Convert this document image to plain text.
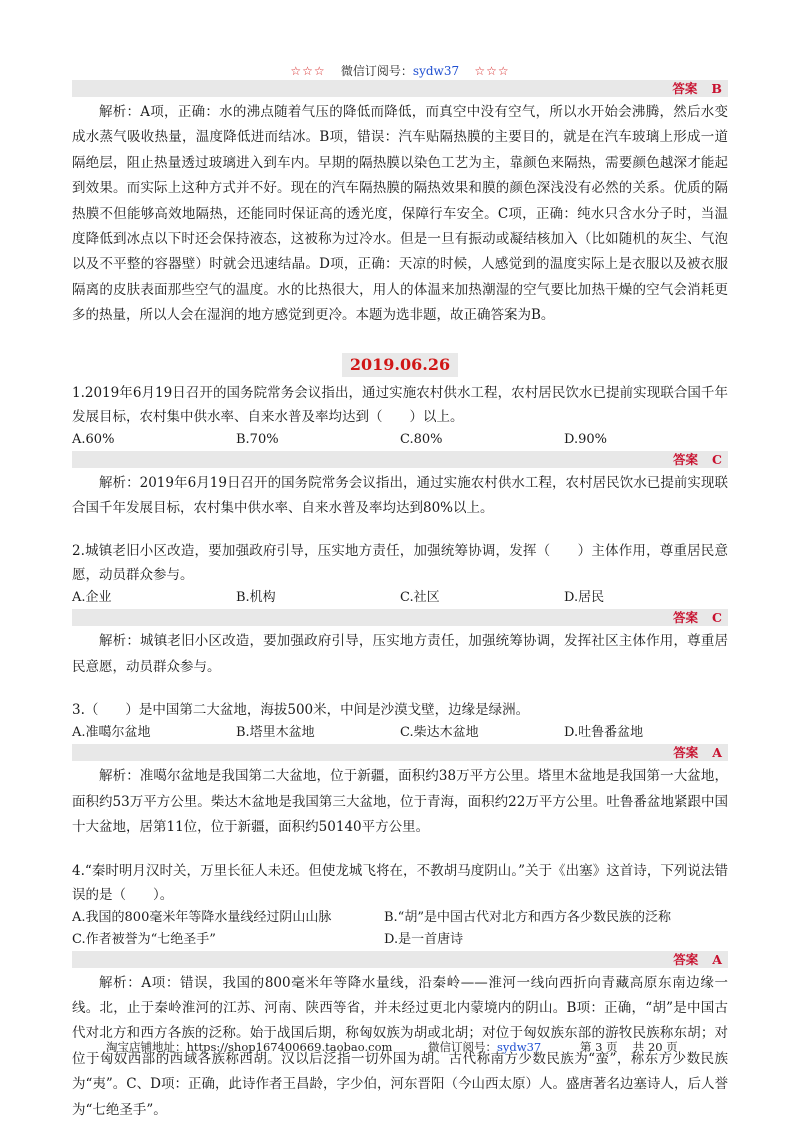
☆☆☆ 微信订阅号：sydw37 ☆☆☆
答案 B

解析：A项，正确：水的沸点随着气压的降低而降低，而真空中没有空气，所以水开始会沸腾，然后水变成水蒸气吸收热量，温度降低进而结冰。B项，错误：汽车贴隔热膜的主要目的，就是在汽车玻璃上形成一道隔绝层，阻止热量透过玻璃进入到车内。早期的隔热膜以染色工艺为主，靠颜色来隔热，需要颜色越深才能起到效果。而实际上这种方式并不好。现在的汽车隔热膜的隔热效果和膜的颜色深浅没有必然的关系。优质的隔热膜不但能够高效地隔热，还能同时保证高的透光度，保障行车安全。C项，正确：纯水只含水分子时，当温度降低到冰点以下时还会保持液态，这被称为过冷水。但是一旦有振动或凝结核加入（比如随机的灰尘、气泡以及不平整的容器壁）时就会迅速结晶。D项，正确：天凉的时候，人感觉到的温度实际上是衣服以及被衣服隔离的皮肤表面那些空气的温度。水的比热很大，用人的体温来加热潮湿的空气要比加热干燥的空气会消耗更多的热量，所以人会在湿润的地方感觉到更冷。本题为选非题，故正确答案为B。

2019.06.26

1.2019年6月19日召开的国务院常务会议指出，通过实施农村供水工程，农村居民饮水已提前实现联合国千年发展目标，农村集中供水率、自来水普及率均达到（　　）以上。

A.60%	B.70%	C.80%	D.90%
答案 C

解析：2019年6月19日召开的国务院常务会议指出，通过实施农村供水工程，农村居民饮水已提前实现联合国千年发展目标，农村集中供水率、自来水普及率均达到80%以上。

2.城镇老旧小区改造，要加强政府引导，压实地方责任，加强统筹协调，发挥（　　）主体作用，尊重居民意愿，动员群众参与。

A.企业	B.机构	C.社区	D.居民
答案 C

解析：城镇老旧小区改造，要加强政府引导，压实地方责任，加强统筹协调，发挥社区主体作用，尊重居民意愿，动员群众参与。

3.（　　）是中国第二大盆地，海拔500米，中间是沙漠戈壁，边缘是绿洲。

A.准噶尔盆地	B.塔里木盆地	C.柴达木盆地	D.吐鲁番盆地
答案 A

解析：准噶尔盆地是我国第二大盆地，位于新疆，面积约38万平方公里。塔里木盆地是我国第一大盆地，面积约53万平方公里。柴达木盆地是我国第三大盆地，位于青海，面积约22万平方公里。吐鲁番盆地紧跟中国十大盆地，居第11位，位于新疆，面积约50140平方公里。

4.“秦时明月汉时关，万里长征人未还。但使龙城飞将在，不教胡马度阴山。”关于《出塞》这首诗，下列说法错误的是（　　）。

A.我国的800毫米年等降水量线经过阴山山脉	B.“胡”是中国古代对北方和西方各少数民族的泛称
C.作者被誉为“七绝圣手”	D.是一首唐诗
答案 A

解析：A项：错误，我国的800毫米年等降水量线，沿秦岭——淮河一线向西折向青藏高原东南边缘一线。北，止于秦岭淮河的江苏、河南、陕西等省，并未经过更北内蒙境内的阴山。B项：正确，“胡”是中国古代对北方和西方各族的泛称。始于战国后期，称匈奴族为胡或北胡；对位于匈奴族东部的游牧民族称东胡；对位于匈奴西部的西域各族称西胡。汉以后泛指一切外国为胡。古代称南方少数民族为“蛮”，称东方少数民族为“夷”。C、D项：正确，此诗作者王昌龄，字少伯，河东晋阳（今山西太原）人。盛唐著名边塞诗人，后人誉为“七绝圣手”。

淘宝店铺地址：https://shop167400669.taobao.com	微信订阅号：sydw37	第 3 页　 共 20 页
